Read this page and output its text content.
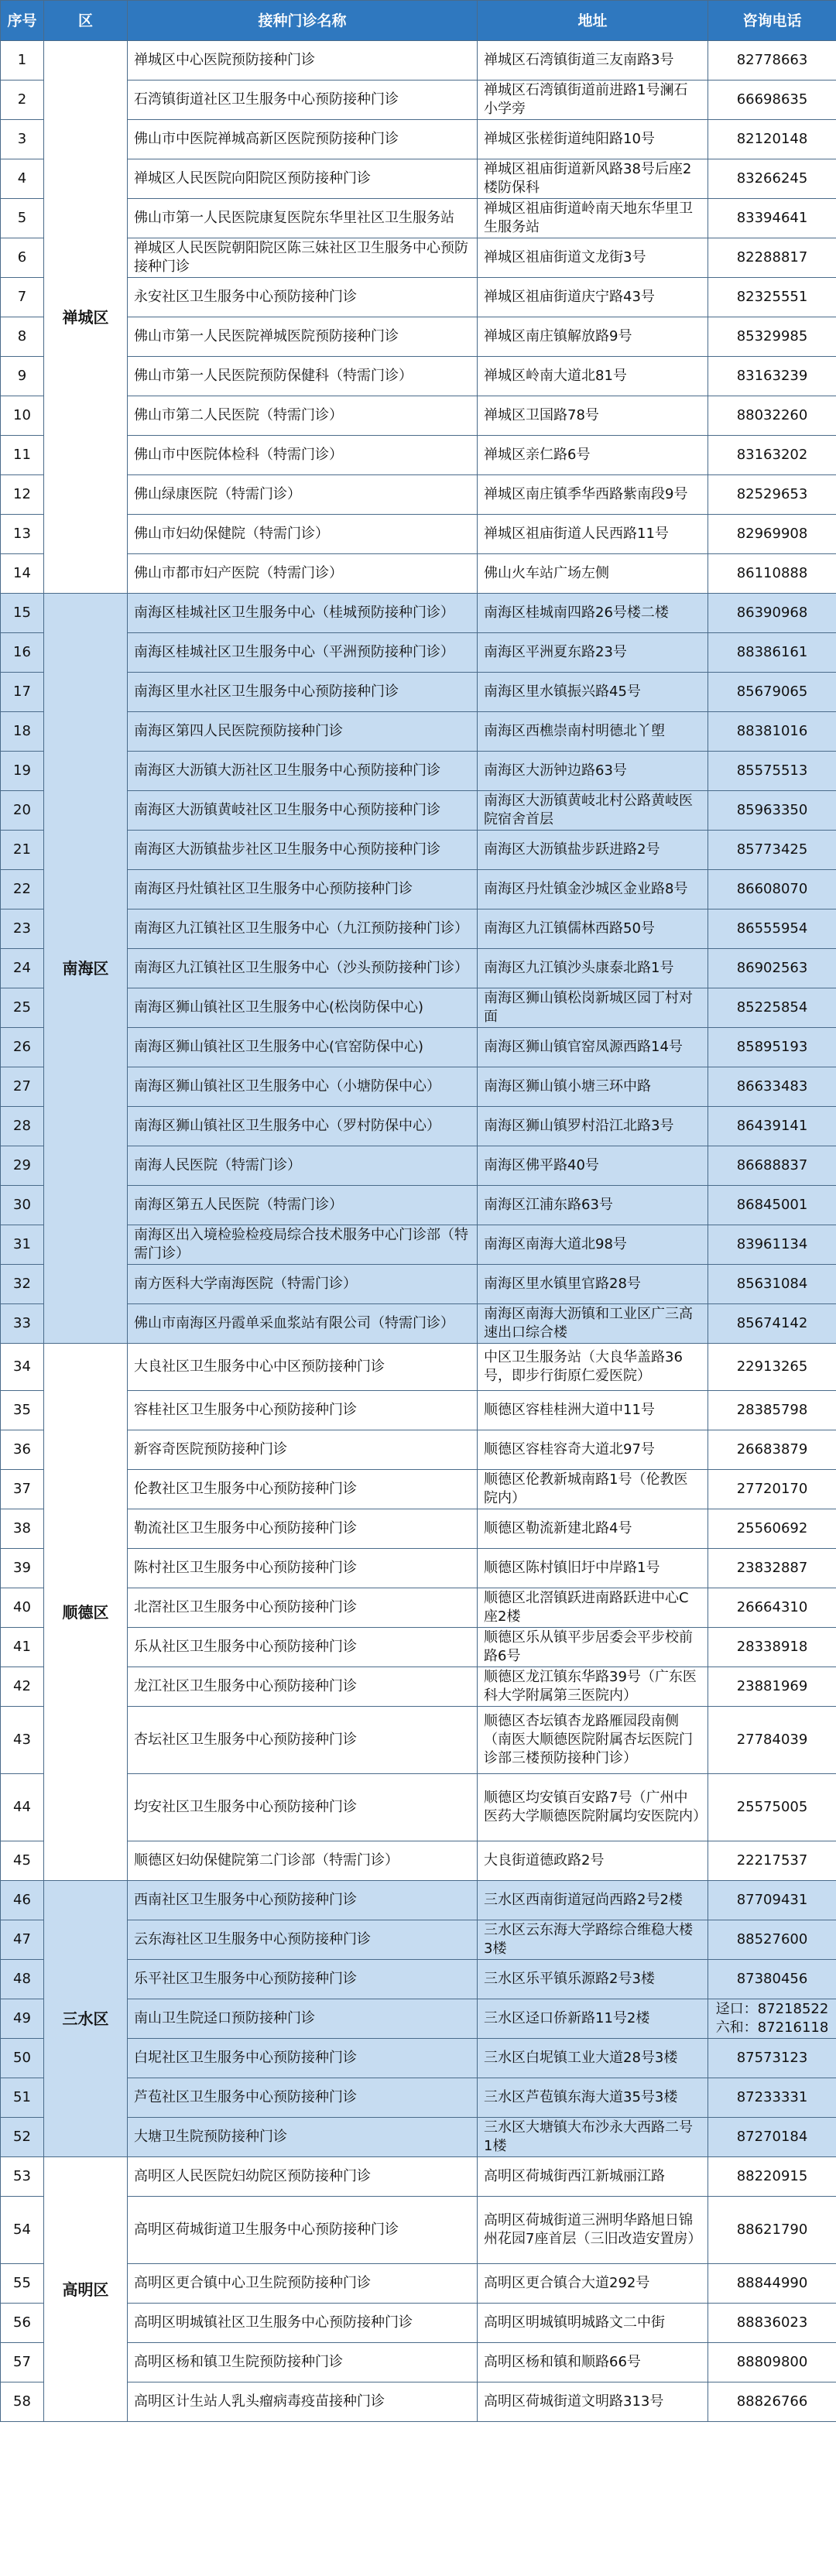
序号	区	接种门诊名称	地址	咨询电话
1	禅城区	禅城区中心医院预防接种门诊	禅城区石湾镇街道三友南路3号	82778663
2		石湾镇街道社区卫生服务中心预防接种门诊	禅城区石湾镇街道前进路1号澜石小学旁	66698635
3		佛山市中医院禅城高新区医院预防接种门诊	禅城区张槎街道纯阳路10号	82120148
4		禅城区人民医院向阳院区预防接种门诊	禅城区祖庙街道新风路38号后座2楼防保科	83266245
5		佛山市第一人民医院康复医院东华里社区卫生服务站	禅城区祖庙街道岭南天地东华里卫生服务站	83394641
6		禅城区人民医院朝阳院区陈三妹社区卫生服务中心预防接种门诊	禅城区祖庙街道文龙街3号	82288817
7		永安社区卫生服务中心预防接种门诊	禅城区祖庙街道庆宁路43号	82325551
8		佛山市第一人民医院禅城医院预防接种门诊	禅城区南庄镇解放路9号	85329985
9		佛山市第一人民医院预防保健科（特需门诊）	禅城区岭南大道北81号	83163239
10		佛山市第二人民医院（特需门诊）	禅城区卫国路78号	88032260
11		佛山市中医院体检科（特需门诊）	禅城区亲仁路6号	83163202
12		佛山绿康医院（特需门诊）	禅城区南庄镇季华西路紫南段9号	82529653
13		佛山市妇幼保健院（特需门诊）	禅城区祖庙街道人民西路11号	82969908
14		佛山市都市妇产医院（特需门诊）	佛山火车站广场左侧	86110888
15	南海区	南海区桂城社区卫生服务中心（桂城预防接种门诊）	南海区桂城南四路26号楼二楼	86390968
16		南海区桂城社区卫生服务中心（平洲预防接种门诊）	南海区平洲夏东路23号	88386161
17		南海区里水社区卫生服务中心预防接种门诊	南海区里水镇振兴路45号	85679065
18		南海区第四人民医院预防接种门诊	南海区西樵崇南村明德北丫塱	88381016
19		南海区大沥镇大沥社区卫生服务中心预防接种门诊	南海区大沥钟边路63号	85575513
20		南海区大沥镇黄岐社区卫生服务中心预防接种门诊	南海区大沥镇黄岐北村公路黄岐医院宿舍首层	85963350
21		南海区大沥镇盐步社区卫生服务中心预防接种门诊	南海区大沥镇盐步跃进路2号	85773425
22		南海区丹灶镇社区卫生服务中心预防接种门诊	南海区丹灶镇金沙城区金业路8号	86608070
23		南海区九江镇社区卫生服务中心（九江预防接种门诊）	南海区九江镇儒林西路50号	86555954
24		南海区九江镇社区卫生服务中心（沙头预防接种门诊）	南海区九江镇沙头康泰北路1号	86902563
25		南海区狮山镇社区卫生服务中心(松岗防保中心)	南海区狮山镇松岗新城区园丁村对面	85225854
26		南海区狮山镇社区卫生服务中心(官窑防保中心)	南海区狮山镇官窑凤源西路14号	85895193
27		南海区狮山镇社区卫生服务中心（小塘防保中心）	南海区狮山镇小塘三环中路	86633483
28		南海区狮山镇社区卫生服务中心（罗村防保中心）	南海区狮山镇罗村沿江北路3号	86439141
29		南海人民医院（特需门诊）	南海区佛平路40号	86688837
30		南海区第五人民医院（特需门诊）	南海区江浦东路63号	86845001
31		南海区出入境检验检疫局综合技术服务中心门诊部（特需门诊）	南海区南海大道北98号	83961134
32		南方医科大学南海医院（特需门诊）	南海区里水镇里官路28号	85631084
33		佛山市南海区丹霞单采血浆站有限公司（特需门诊）	南海区南海大沥镇和工业区广三高速出口综合楼	85674142
34	顺德区	大良社区卫生服务中心中区预防接种门诊	中区卫生服务站（大良华盖路36号，即步行街原仁爱医院）	22913265
35		容桂社区卫生服务中心预防接种门诊	顺德区容桂桂洲大道中11号	28385798
36		新容奇医院预防接种门诊	顺德区容桂容奇大道北97号	26683879
37		伦教社区卫生服务中心预防接种门诊	顺德区伦教新城南路1号（伦教医院内）	27720170
38		勒流社区卫生服务中心预防接种门诊	顺德区勒流新建北路4号	25560692
39		陈村社区卫生服务中心预防接种门诊	顺德区陈村镇旧圩中岸路1号	23832887
40		北滘社区卫生服务中心预防接种门诊	顺德区北滘镇跃进南路跃进中心C座2楼	26664310
41		乐从社区卫生服务中心预防接种门诊	顺德区乐从镇平步居委会平步校前路6号	28338918
42		龙江社区卫生服务中心预防接种门诊	顺德区龙江镇东华路39号（广东医科大学附属第三医院内）	23881969
43		杏坛社区卫生服务中心预防接种门诊	顺德区杏坛镇杏龙路雁园段南侧（南医大顺德医院附属杏坛医院门诊部三楼预防接种门诊）	27784039
44		均安社区卫生服务中心预防接种门诊	顺德区均安镇百安路7号（广州中医药大学顺德医院附属均安医院内）	25575005
45		顺德区妇幼保健院第二门诊部（特需门诊）	大良街道德政路2号	22217537
46	三水区	西南社区卫生服务中心预防接种门诊	三水区西南街道冠尚西路2号2楼	87709431
47		云东海社区卫生服务中心预防接种门诊	三水区云东海大学路综合维稳大楼3楼	88527600
48		乐平社区卫生服务中心预防接种门诊	三水区乐平镇乐源路2号3楼	87380456
49		南山卫生院迳口预防接种门诊	三水区迳口侨新路11号2楼	迳口：87218522
六和：87216118
50		白坭社区卫生服务中心预防接种门诊	三水区白坭镇工业大道28号3楼	87573123
51		芦苞社区卫生服务中心预防接种门诊	三水区芦苞镇东海大道35号3楼	87233331
52		大塘卫生院预防接种门诊	三水区大塘镇大布沙永大西路二号1楼	87270184
53	高明区	高明区人民医院妇幼院区预防接种门诊	高明区荷城街西江新城丽江路	88220915
54		高明区荷城街道卫生服务中心预防接种门诊	高明区荷城街道三洲明华路旭日锦州花园7座首层（三旧改造安置房）	88621790
55		高明区更合镇中心卫生院预防接种门诊	高明区更合镇合大道292号	88844990
56		高明区明城镇社区卫生服务中心预防接种门诊	高明区明城镇明城路文二中街	88836023
57		高明区杨和镇卫生院预防接种门诊	高明区杨和镇和顺路66号	88809800
58		高明区计生站人乳头瘤病毒疫苗接种门诊	高明区荷城街道文明路313号	88826766
